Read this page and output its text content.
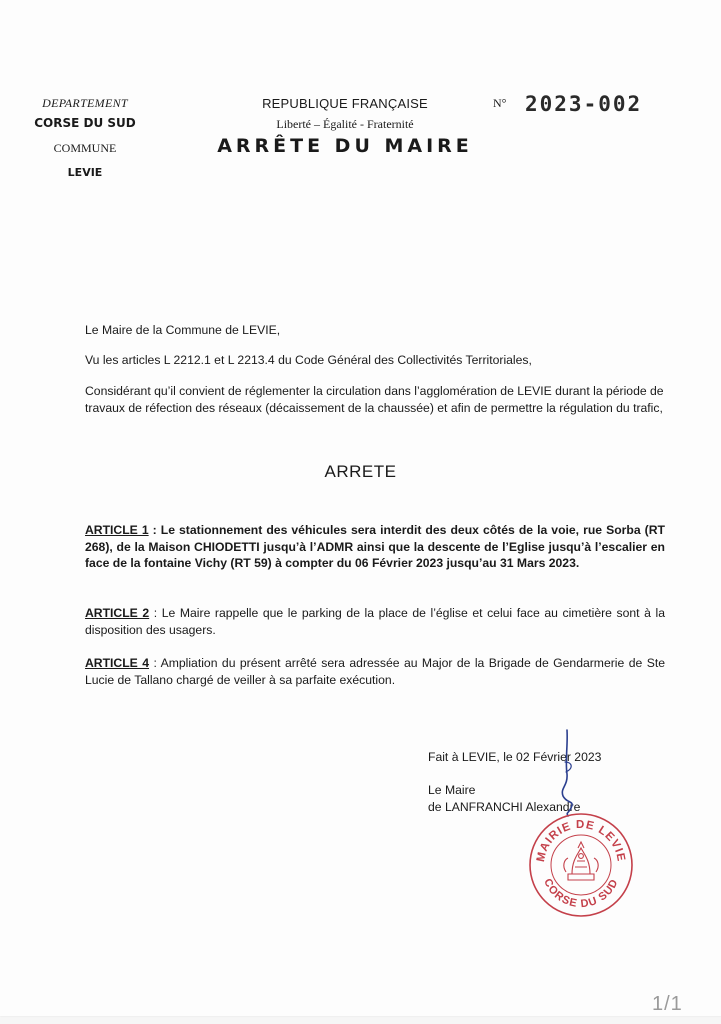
DEPARTEMENT
CORSE DU SUD
COMMUNE
LEVIE
REPUBLIQUE FRANÇAISE
Liberté – Égalité - Fraternité
ARRÊTE DU MAIRE
N° 2023-002
Le Maire de la Commune de LEVIE,
Vu les articles L 2212.1 et L 2213.4 du Code Général des Collectivités Territoriales,
Considérant qu’il convient de réglementer la circulation dans l’agglomération de LEVIE durant la période de travaux de réfection des réseaux (décaissement de la chaussée) et afin de permettre la régulation du trafic,
ARRETE
ARTICLE 1 : Le stationnement des véhicules sera interdit des deux côtés de la voie, rue Sorba (RT 268), de la Maison CHIODETTI jusqu’à l’ADMR ainsi que la descente de l’Eglise jusqu’à l’escalier en face de la fontaine Vichy (RT 59) à compter du 06 Février 2023 jusqu’au 31 Mars 2023.
ARTICLE 2 : Le Maire rappelle que le parking de la place de l’église et celui face au cimetière sont à la disposition des usagers.
ARTICLE 4 : Ampliation du présent arrêté sera adressée au Major de la Brigade de Gendarmerie de Ste Lucie de Tallano chargé de veiller à sa parfaite exécution.
Fait à LEVIE, le 02 Février 2023
Le Maire
de LANFRANCHI Alexandre
MAIRIE DE LEVIE
CORSE DU SUD
1/1
